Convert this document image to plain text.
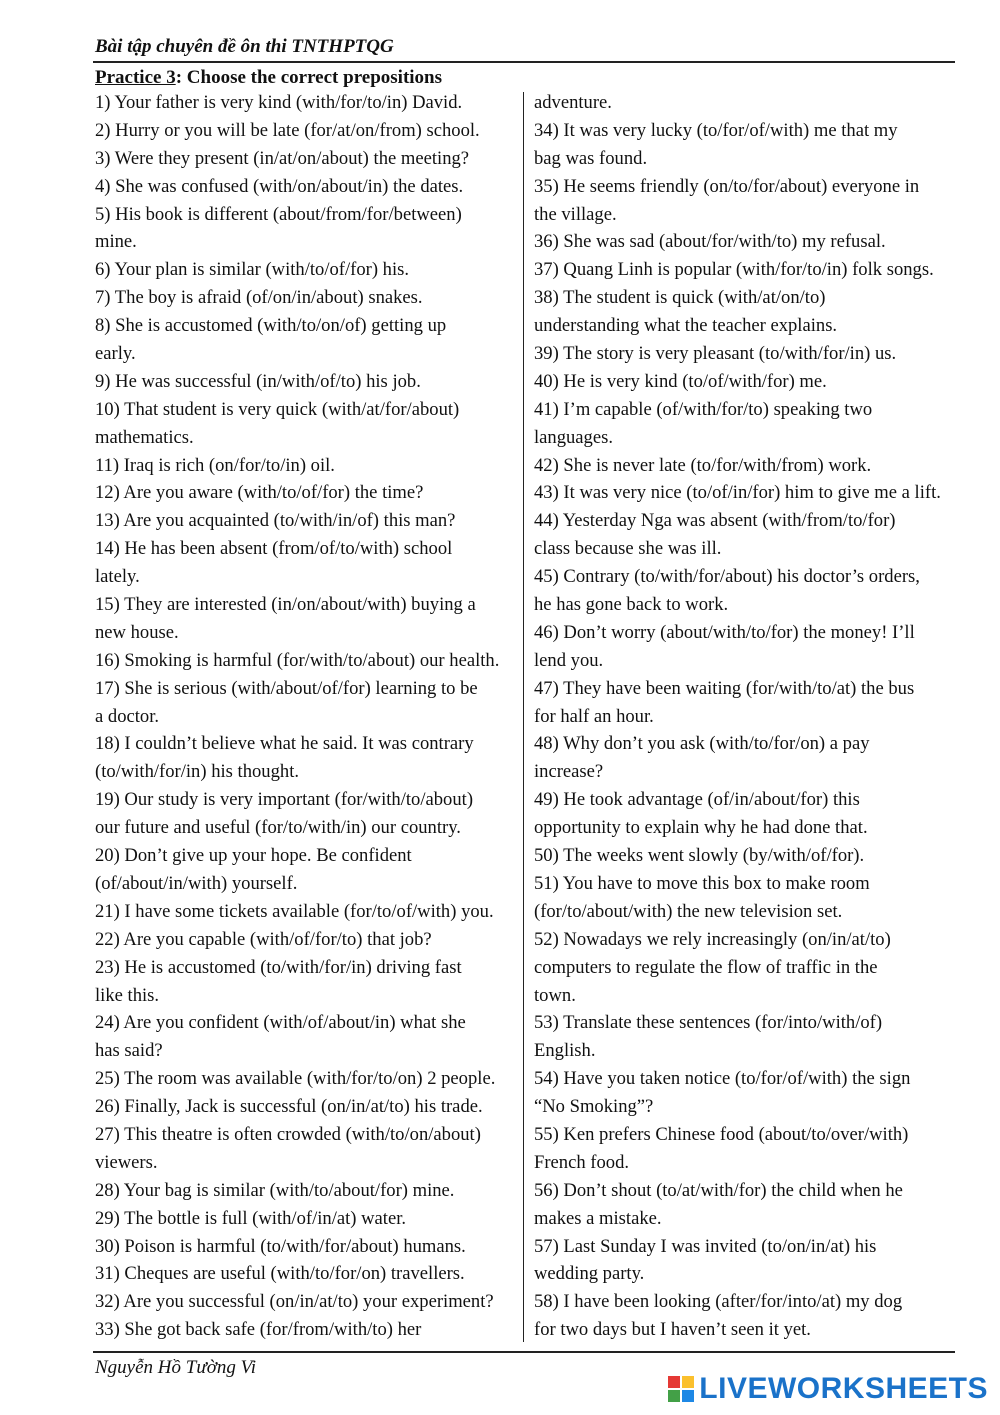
Bài tập chuyên đề ôn thi TNTHPTQG
Practice 3: Choose the correct prepositions
1) Your father is very kind (with/for/to/in) David.
2) Hurry or you will be late (for/at/on/from) school.
3) Were they present (in/at/on/about) the meeting?
4) She was confused (with/on/about/in) the dates.
5) His book is different (about/from/for/between)
mine.
6) Your plan is similar (with/to/of/for) his.
7) The boy is afraid (of/on/in/about) snakes.
8) She is accustomed (with/to/on/of) getting up
early.
9) He was successful (in/with/of/to) his job.
10) That student is very quick (with/at/for/about)
mathematics.
11) Iraq is rich (on/for/to/in) oil.
12) Are you aware (with/to/of/for) the time?
13) Are you acquainted (to/with/in/of) this man?
14) He has been absent (from/of/to/with) school
lately.
15) They are interested (in/on/about/with) buying a
new house.
16) Smoking is harmful (for/with/to/about) our health.
17) She is serious (with/about/of/for) learning to be
a doctor.
18) I couldn’t believe what he said. It was contrary
(to/with/for/in) his thought.
19) Our study is very important (for/with/to/about)
our future and useful (for/to/with/in) our country.
20) Don’t give up your hope. Be confident
(of/about/in/with) yourself.
21) I have some tickets available (for/to/of/with) you.
22) Are you capable (with/of/for/to) that job?
23) He is accustomed (to/with/for/in) driving fast
like this.
24) Are you confident (with/of/about/in) what she
has said?
25) The room was available (with/for/to/on) 2 people.
26) Finally, Jack is successful (on/in/at/to) his trade.
27) This theatre is often crowded (with/to/on/about)
viewers.
28) Your bag is similar (with/to/about/for) mine.
29) The bottle is full (with/of/in/at) water.
30) Poison is harmful (to/with/for/about) humans.
31) Cheques are useful (with/to/for/on) travellers.
32) Are you successful (on/in/at/to) your experiment?
33) She got back safe (for/from/with/to) her
adventure.
34) It was very lucky (to/for/of/with) me that my
bag was found.
35) He seems friendly (on/to/for/about) everyone in
the village.
36) She was sad (about/for/with/to) my refusal.
37) Quang Linh is popular (with/for/to/in) folk songs.
38) The student is quick (with/at/on/to)
understanding what the teacher explains.
39) The story is very pleasant (to/with/for/in) us.
40) He is very kind (to/of/with/for) me.
41) I’m capable (of/with/for/to) speaking two
languages.
42) She is never late (to/for/with/from) work.
43) It was very nice (to/of/in/for) him to give me a lift.
44) Yesterday Nga was absent (with/from/to/for)
class because she was ill.
45) Contrary (to/with/for/about) his doctor’s orders,
he has gone back to work.
46) Don’t worry (about/with/to/for) the money! I’ll
lend you.
47) They have been waiting (for/with/to/at) the bus
for half an hour.
48) Why don’t you ask (with/to/for/on) a pay
increase?
49) He took advantage (of/in/about/for) this
opportunity to explain why he had done that.
50) The weeks went slowly (by/with/of/for).
51) You have to move this box to make room
(for/to/about/with) the new television set.
52) Nowadays we rely increasingly (on/in/at/to)
computers to regulate the flow of traffic in the
town.
53) Translate these sentences (for/into/with/of)
English.
54) Have you taken notice (to/for/of/with) the sign
“No Smoking”?
55) Ken prefers Chinese food (about/to/over/with)
French food.
56) Don’t shout (to/at/with/for) the child when he
makes a mistake.
57) Last Sunday I was invited (to/on/in/at) his
wedding party.
58) I have been looking (after/for/into/at) my dog
for two days but I haven’t seen it yet.
Nguyễn Hồ Tường Vi
LIVEWORKSHEETS
